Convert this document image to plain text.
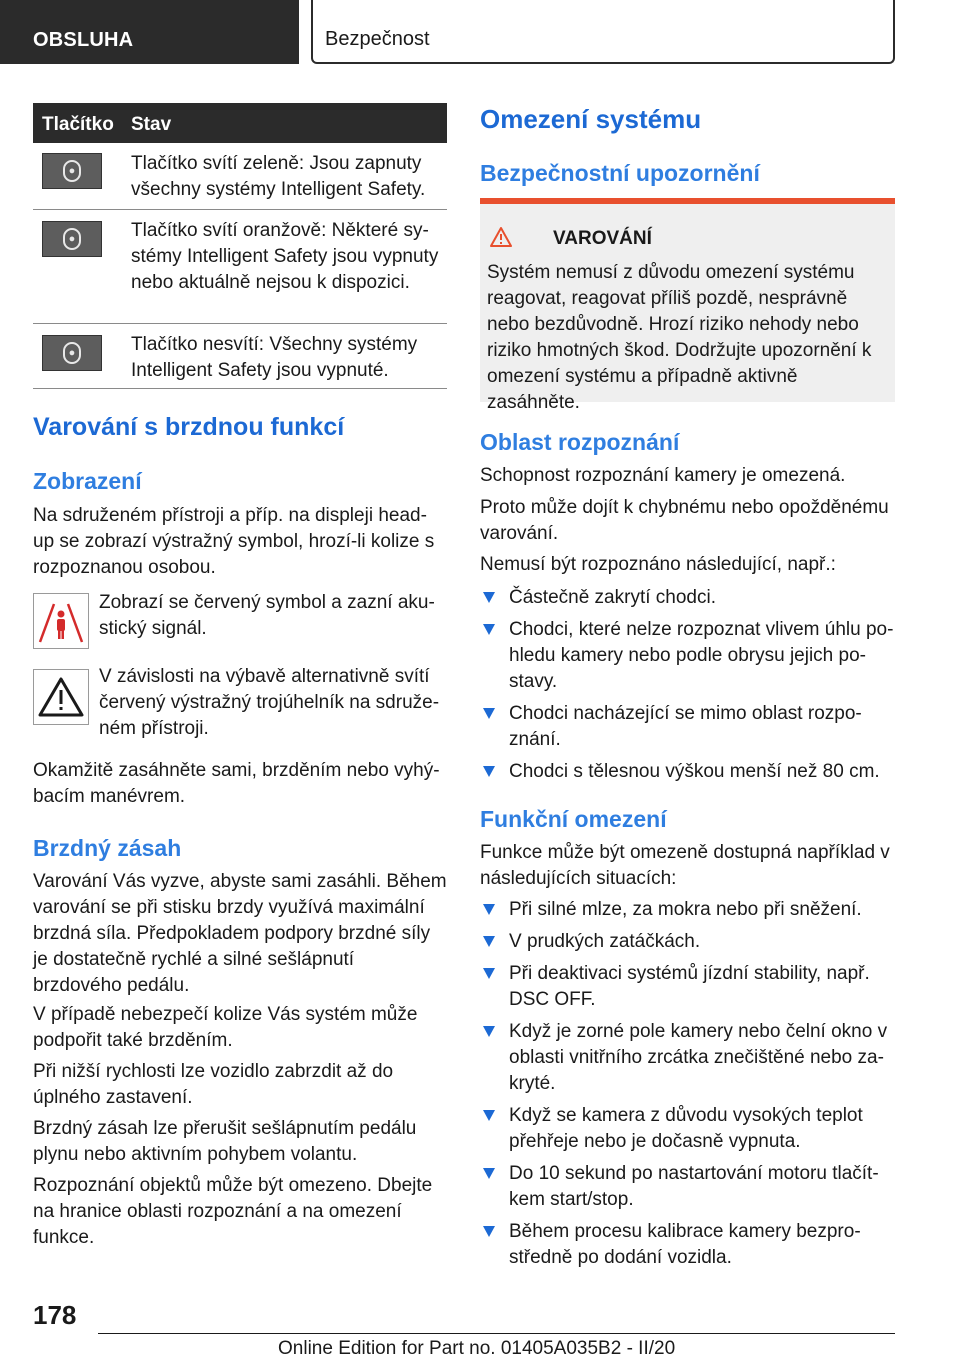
OBSLUHA	Bezpečnost
Tlačítko Stav
●	Tlačítko svítí zeleně: Jsou zapnuty všechny systémy Intelligent Safety.
●	Tlačítko svítí oranžově: Některé systémy Intelligent Safety jsou vypnuty nebo aktuálně nejsou k dispozici.
●	Tlačítko nesvítí: Všechny systémy Intelligent Safety jsou vypnuté.
Varování s brzdnou funkcí
Zobrazení

Na sdruženém přístroji a příp. na displeji head-up se zobrazí výstražný symbol, hrozí-li kolize s rozpoznanou osobou.

Zobrazí se červený symbol a zazní akustický signál.

V závislosti na výbavě alternativně svítí červený výstražný trojúhelník na sdruženém přístroji.

Okamžitě zasáhněte sami, brzděním nebo vyhýbacím manévrem.

Brzdný zásah

Varování Vás vyzve, abyste sami zasáhli. Během varování se při stisku brzdy využívá maximální brzdná síla. Předpokladem podpory brzdné síly je dostatečně rychlé a silné sešlápnutí brzdového pedálu.

V případě nebezpečí kolize Vás systém může podpořit také brzděním.

Při nižší rychlosti lze vozidlo zabrzdit až do úplného zastavení.

Brzdný zásah lze přerušit sešlápnutím pedálu plynu nebo aktivním pohybem volantu.

Rozpoznání objektů může být omezeno. Dbejte na hranice oblasti rozpoznání a na omezení funkce.

Omezení systému
Bezpečnostní upozornění
VAROVÁNÍ

Systém nemusí z důvodu omezení systému reagovat, reagovat příliš pozdě, nesprávně nebo bezdůvodně. Hrozí riziko nehody nebo riziko hmotných škod. Dodržujte upozornění k omezení systému a případně aktivně zasáhněte.

Oblast rozpoznání

Schopnost rozpoznání kamery je omezená.

Proto může dojít k chybnému nebo opožděnému varování.

Nemusí být rozpoznáno následující, např.:

Částečně zakrytí chodci.
Chodci, které nelze rozpoznat vlivem úhlu pohledu kamery nebo podle obrysu jejich postavy.
Chodci nacházející se mimo oblast rozpoznání.
Chodci s tělesnou výškou menší než 80 cm.
Funkční omezení

Funkce může být omezeně dostupná například v následujících situacích:

Při silné mlze, za mokra nebo při sněžení.
V prudkých zatáčkách.
Při deaktivaci systémů jízdní stability, např. DSC OFF.
Když je zorné pole kamery nebo čelní okno v oblasti vnitřního zrcátka znečištěné nebo zakryté.
Když se kamera z důvodu vysokých teplot přehřeje nebo je dočasně vypnuta.
Do 10 sekund po nastartování motoru tlačítkem start/stop.
Během procesu kalibrace kamery bezprostředně po dodání vozidla.
178
Online Edition for Part no. 01405A035B2 - II/20
